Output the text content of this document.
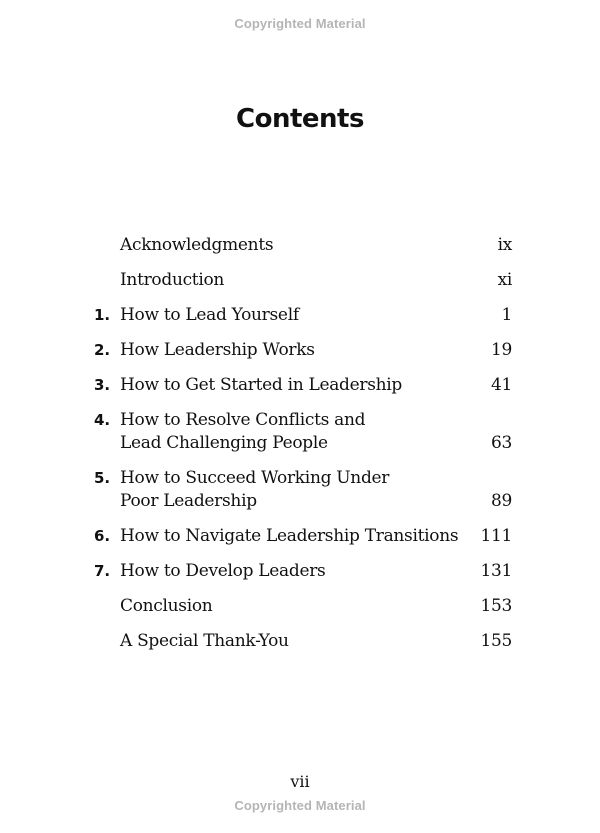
Copyrighted Material
Contents
Acknowledgments	ix
Introduction	xi
1. How to Lead Yourself	1
2. How Leadership Works	19
3. How to Get Started in Leadership	41
4. How to Resolve Conflicts and
Lead Challenging People	63
5. How to Succeed Working Under
Poor Leadership	89
6. How to Navigate Leadership Transitions	111
7. How to Develop Leaders	131
Conclusion	153
A Special Thank-You	155
vii
Copyrighted Material
